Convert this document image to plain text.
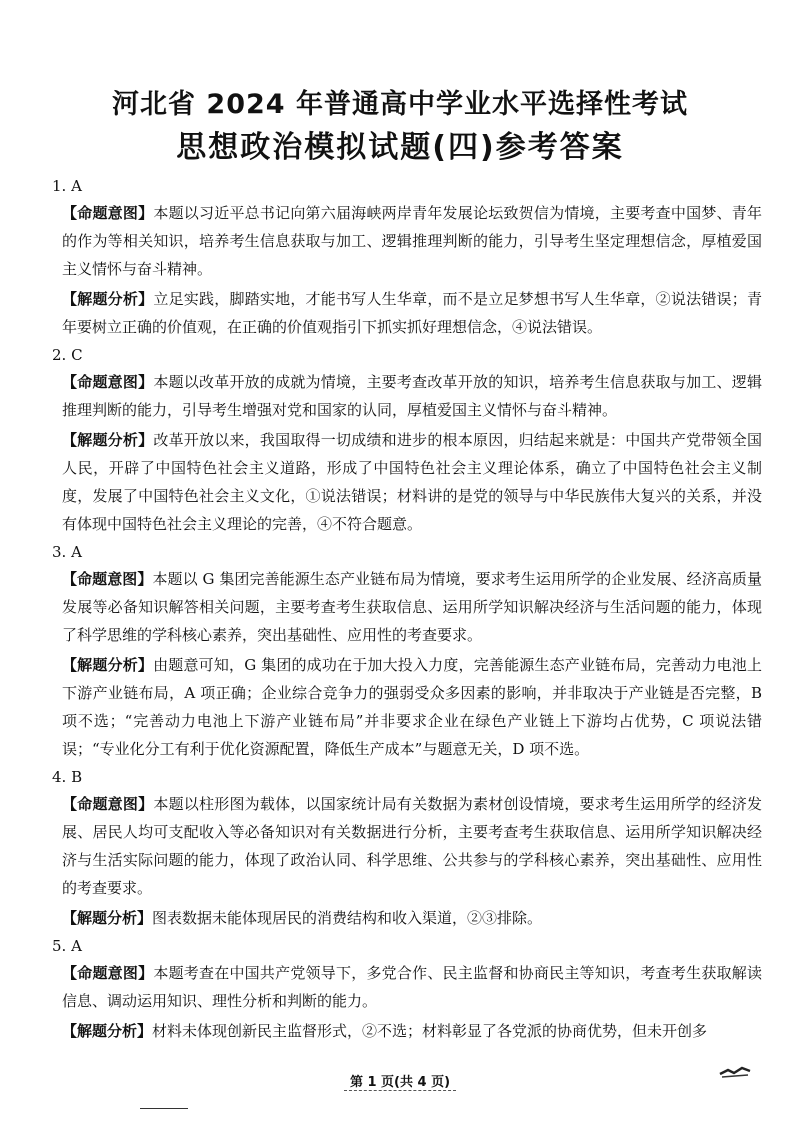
河北省 2024 年普通高中学业水平选择性考试
思想政治模拟试题(四)参考答案
1. A

【命题意图】本题以习近平总书记向第六届海峡两岸青年发展论坛致贺信为情境，主要考查中国梦、青年的作为等相关知识，培养考生信息获取与加工、逻辑推理判断的能力，引导考生坚定理想信念，厚植爱国主义情怀与奋斗精神。

【解题分析】立足实践，脚踏实地，才能书写人生华章，而不是立足梦想书写人生华章，②说法错误；青年要树立正确的价值观，在正确的价值观指引下抓实抓好理想信念，④说法错误。

2. C

【命题意图】本题以改革开放的成就为情境，主要考查改革开放的知识，培养考生信息获取与加工、逻辑推理判断的能力，引导考生增强对党和国家的认同，厚植爱国主义情怀与奋斗精神。

【解题分析】改革开放以来，我国取得一切成绩和进步的根本原因，归结起来就是：中国共产党带领全国人民，开辟了中国特色社会主义道路，形成了中国特色社会主义理论体系，确立了中国特色社会主义制度，发展了中国特色社会主义文化，①说法错误；材料讲的是党的领导与中华民族伟大复兴的关系，并没有体现中国特色社会主义理论的完善，④不符合题意。

3. A

【命题意图】本题以 G 集团完善能源生态产业链布局为情境，要求考生运用所学的企业发展、经济高质量发展等必备知识解答相关问题，主要考查考生获取信息、运用所学知识解决经济与生活问题的能力，体现了科学思维的学科核心素养，突出基础性、应用性的考查要求。

【解题分析】由题意可知，G 集团的成功在于加大投入力度，完善能源生态产业链布局，完善动力电池上下游产业链布局，A 项正确；企业综合竞争力的强弱受众多因素的影响，并非取决于产业链是否完整，B 项不选；“完善动力电池上下游产业链布局”并非要求企业在绿色产业链上下游均占优势，C 项说法错误；“专业化分工有利于优化资源配置，降低生产成本”与题意无关，D 项不选。

4. B

【命题意图】本题以柱形图为载体，以国家统计局有关数据为素材创设情境，要求考生运用所学的经济发展、居民人均可支配收入等必备知识对有关数据进行分析，主要考查考生获取信息、运用所学知识解决经济与生活实际问题的能力，体现了政治认同、科学思维、公共参与的学科核心素养，突出基础性、应用性的考查要求。

【解题分析】图表数据未能体现居民的消费结构和收入渠道，②③排除。

5. A

【命题意图】本题考查在中国共产党领导下，多党合作、民主监督和协商民主等知识，考查考生获取解读信息、调动运用知识、理性分析和判断的能力。

【解题分析】材料未体现创新民主监督形式，②不选；材料彰显了各党派的协商优势，但未开创多

第 1 页(共 4 页)
